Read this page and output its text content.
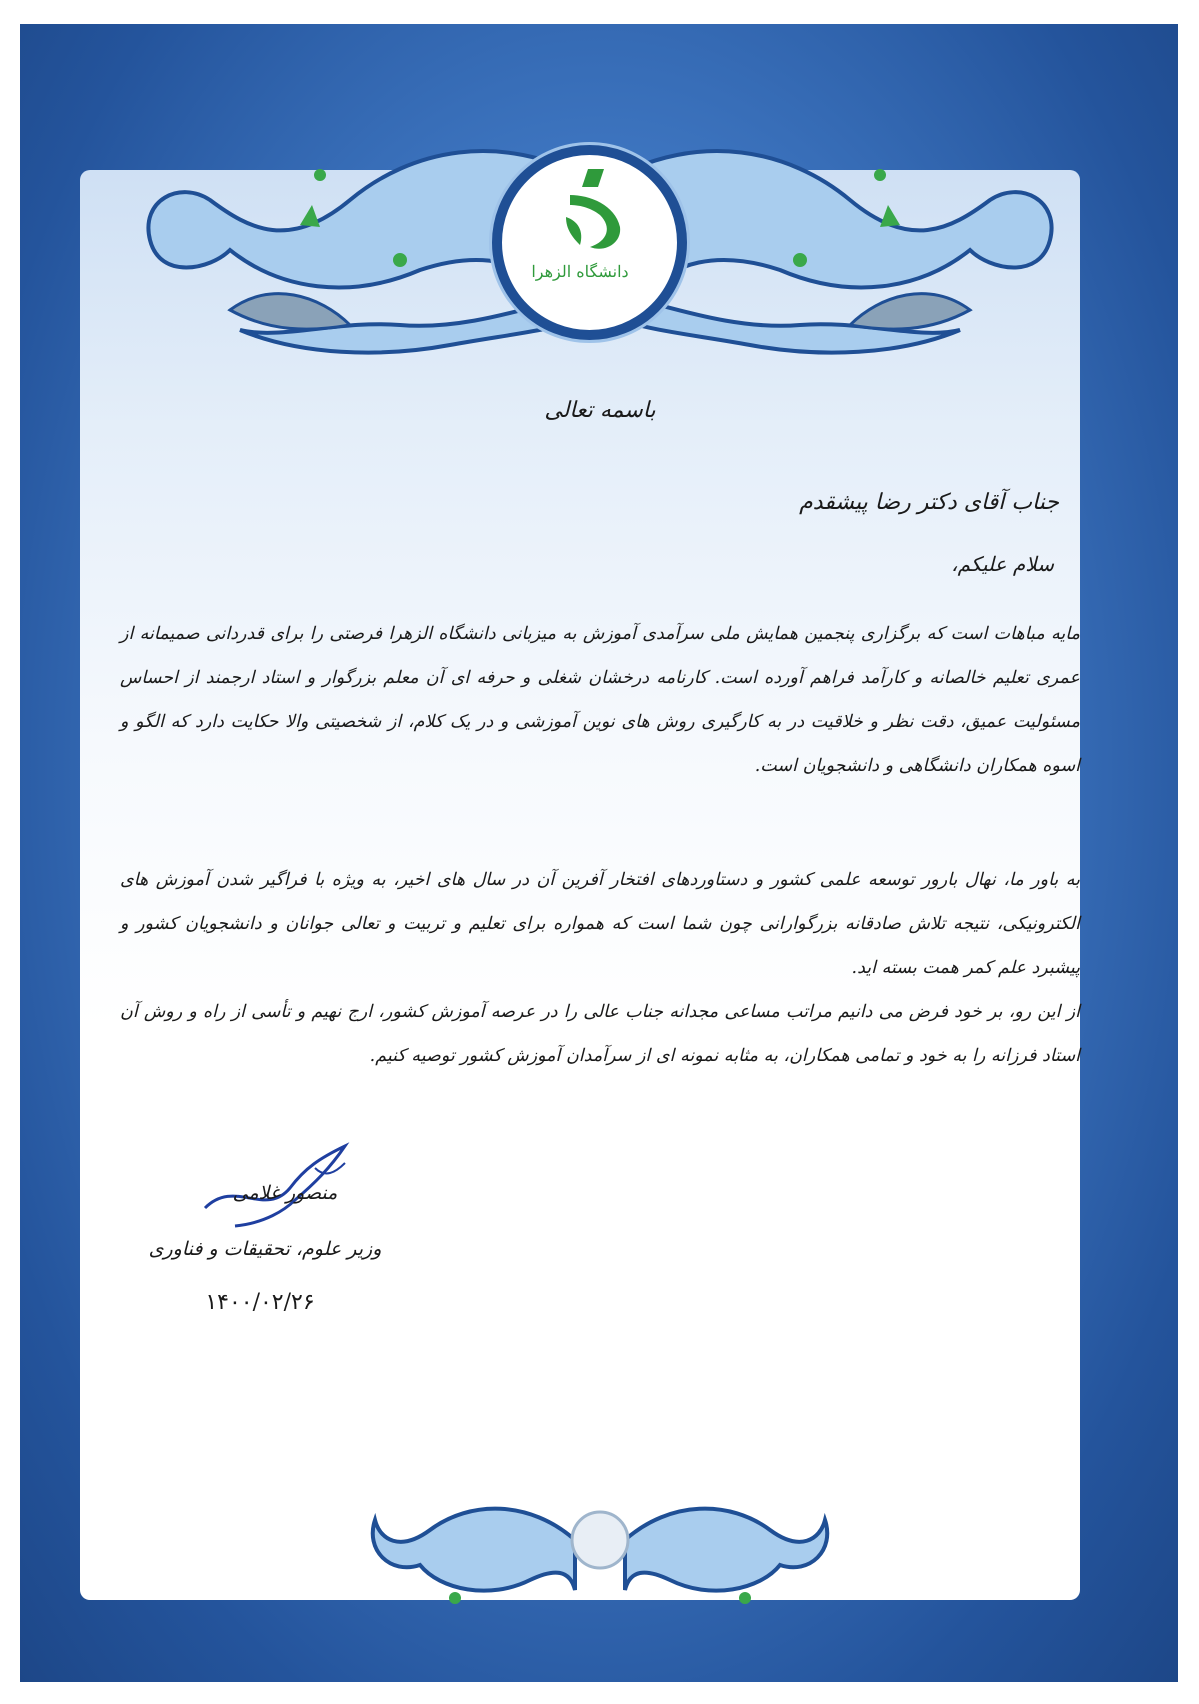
دانشگاه الزهرا
باسمه تعالی
جناب آقای دکتر رضا پیشقدم
سلام علیکم،
مایه مباهات است که برگزاری پنجمین همایش ملی سرآمدی آموزش به میزبانی دانشگاه الزهرا فرصتی را برای قدردانی صمیمانه از عمری تعلیم خالصانه و کارآمد فراهم آورده است. کارنامه درخشان شغلی و حرفه ای آن معلم بزرگوار و استاد ارجمند از احساس مسئولیت عمیق، دقت نظر و خلاقیت در به کارگیری روش های نوین آموزشی و در یک کلام، از شخصیتی والا حکایت دارد که الگو و اسوه همکاران دانشگاهی و دانشجویان است.
به باور ما، نهال بارور توسعه علمی کشور و دستاوردهای افتخار آفرین آن در سال های اخیر، به ویژه با فراگیر شدن آموزش های الکترونیکی، نتیجه تلاش صادقانه بزرگوارانی چون شما است که همواره برای تعلیم و تربیت و تعالی جوانان و دانشجویان کشور و پیشبرد علم کمر همت بسته اید.
از این رو، بر خود فرض می دانیم مراتب مساعی مجدانه جناب عالی را در عرصه آموزش کشور، ارج نهیم و تأسی از راه و روش آن استاد فرزانه را به خود و تمامی همکاران، به مثابه نمونه ای از سرآمدان آموزش کشور توصیه کنیم.
منصور غلامی
وزیر علوم، تحقیقات و فناوری
۱۴۰۰/۰۲/۲۶
